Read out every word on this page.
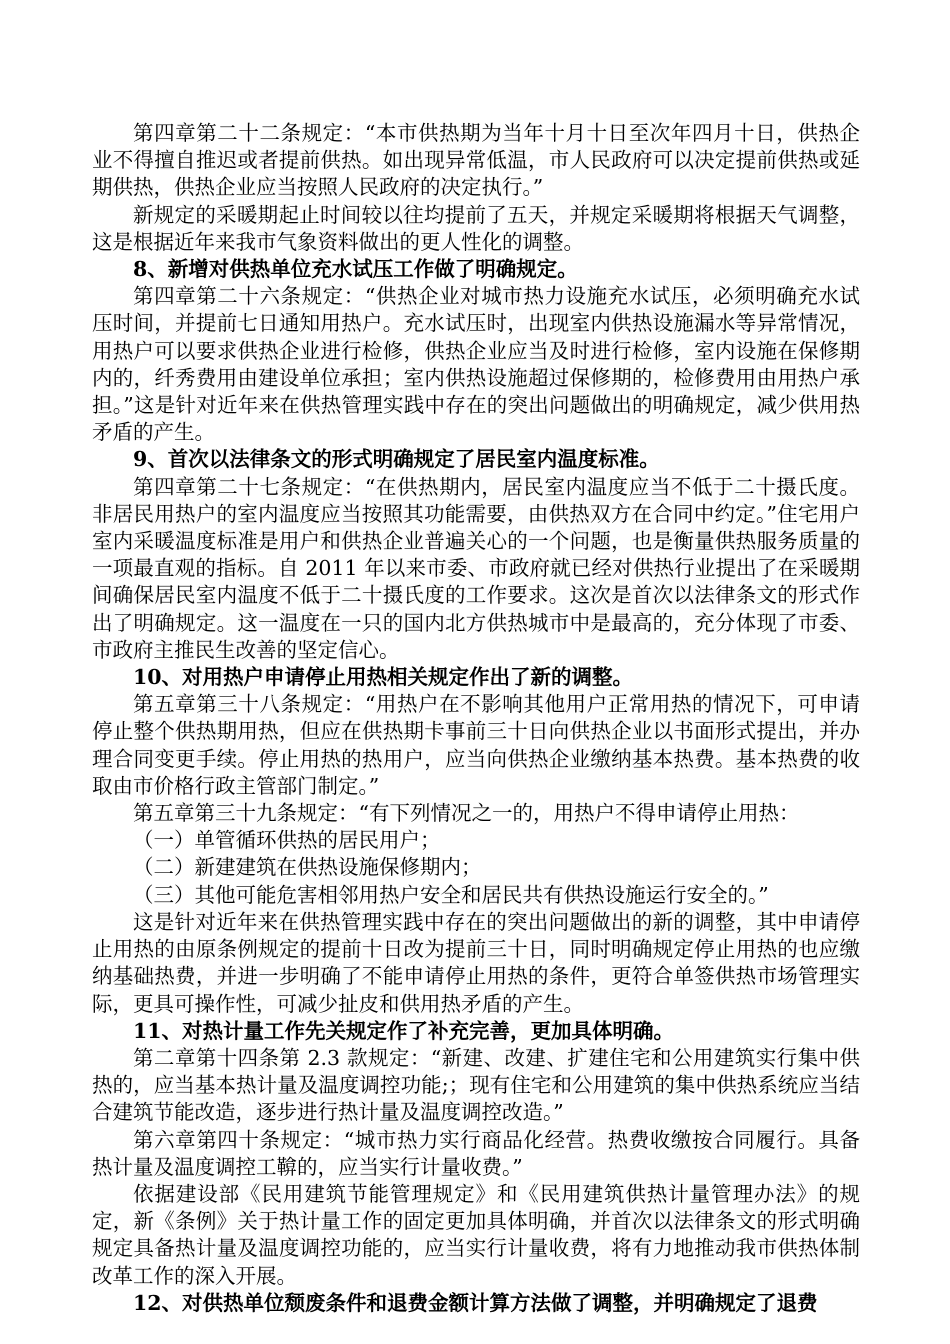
第四章第二十二条规定：“本市供热期为当年十月十日至次年四月十日，供热企业不得擅自推迟或者提前供热。如出现异常低温，市人民政府可以决定提前供热或延期供热，供热企业应当按照人民政府的决定执行。”

新规定的采暖期起止时间较以往均提前了五天，并规定采暖期将根据天气调整，这是根据近年来我市气象资料做出的更人性化的调整。

8、新增对供热单位充水试压工作做了明确规定。

第四章第二十六条规定：“供热企业对城市热力设施充水试压，必须明确充水试压时间，并提前七日通知用热户。充水试压时，出现室内供热设施漏水等异常情况，用热户可以要求供热企业进行检修，供热企业应当及时进行检修，室内设施在保修期内的，纤秀费用由建设单位承担；室内供热设施超过保修期的，检修费用由用热户承担。”这是针对近年来在供热管理实践中存在的突出问题做出的明确规定，减少供用热矛盾的产生。

9、首次以法律条文的形式明确规定了居民室内温度标准。

第四章第二十七条规定：“在供热期内，居民室内温度应当不低于二十摄氏度。非居民用热户的室内温度应当按照其功能需要，由供热双方在合同中约定。”住宅用户室内采暖温度标准是用户和供热企业普遍关心的一个问题，也是衡量供热服务质量的一项最直观的指标。自 2011 年以来市委、市政府就已经对供热行业提出了在采暖期间确保居民室内温度不低于二十摄氏度的工作要求。这次是首次以法律条文的形式作出了明确规定。这一温度在一只的国内北方供热城市中是最高的，充分体现了市委、市政府主推民生改善的坚定信心。

10、对用热户申请停止用热相关规定作出了新的调整。

第五章第三十八条规定：“用热户在不影响其他用户正常用热的情况下，可申请停止整个供热期用热，但应在供热期卡事前三十日向供热企业以书面形式提出，并办理合同变更手续。停止用热的热用户，应当向供热企业缴纳基本热费。基本热费的收取由市价格行政主管部门制定。”

第五章第三十九条规定：“有下列情况之一的，用热户不得申请停止用热：

（一）单管循环供热的居民用户；

（二）新建建筑在供热设施保修期内；

（三）其他可能危害相邻用热户安全和居民共有供热设施运行安全的。”

这是针对近年来在供热管理实践中存在的突出问题做出的新的调整，其中申请停止用热的由原条例规定的提前十日改为提前三十日，同时明确规定停止用热的也应缴纳基础热费，并进一步明确了不能申请停止用热的条件，更符合单签供热市场管理实际，更具可操作性，可减少扯皮和供用热矛盾的产生。

11、对热计量工作先关规定作了补充完善，更加具体明确。

第二章第十四条第 2.3 款规定：“新建、改建、扩建住宅和公用建筑实行集中供热的，应当基本热计量及温度调控功能;；现有住宅和公用建筑的集中供热系统应当结合建筑节能改造，逐步进行热计量及温度调控改造。”

第六章第四十条规定：“城市热力实行商品化经营。热费收缴按合同履行。具备热计量及温度调控工鞥的，应当实行计量收费。”

依据建设部《民用建筑节能管理规定》和《民用建筑供热计量管理办法》的规定，新《条例》关于热计量工作的固定更加具体明确，并首次以法律条文的形式明确规定具备热计量及温度调控功能的，应当实行计量收费，将有力地推动我市供热体制改革工作的深入开展。

12、对供热单位颓废条件和退费金额计算方法做了调整，并明确规定了退费
